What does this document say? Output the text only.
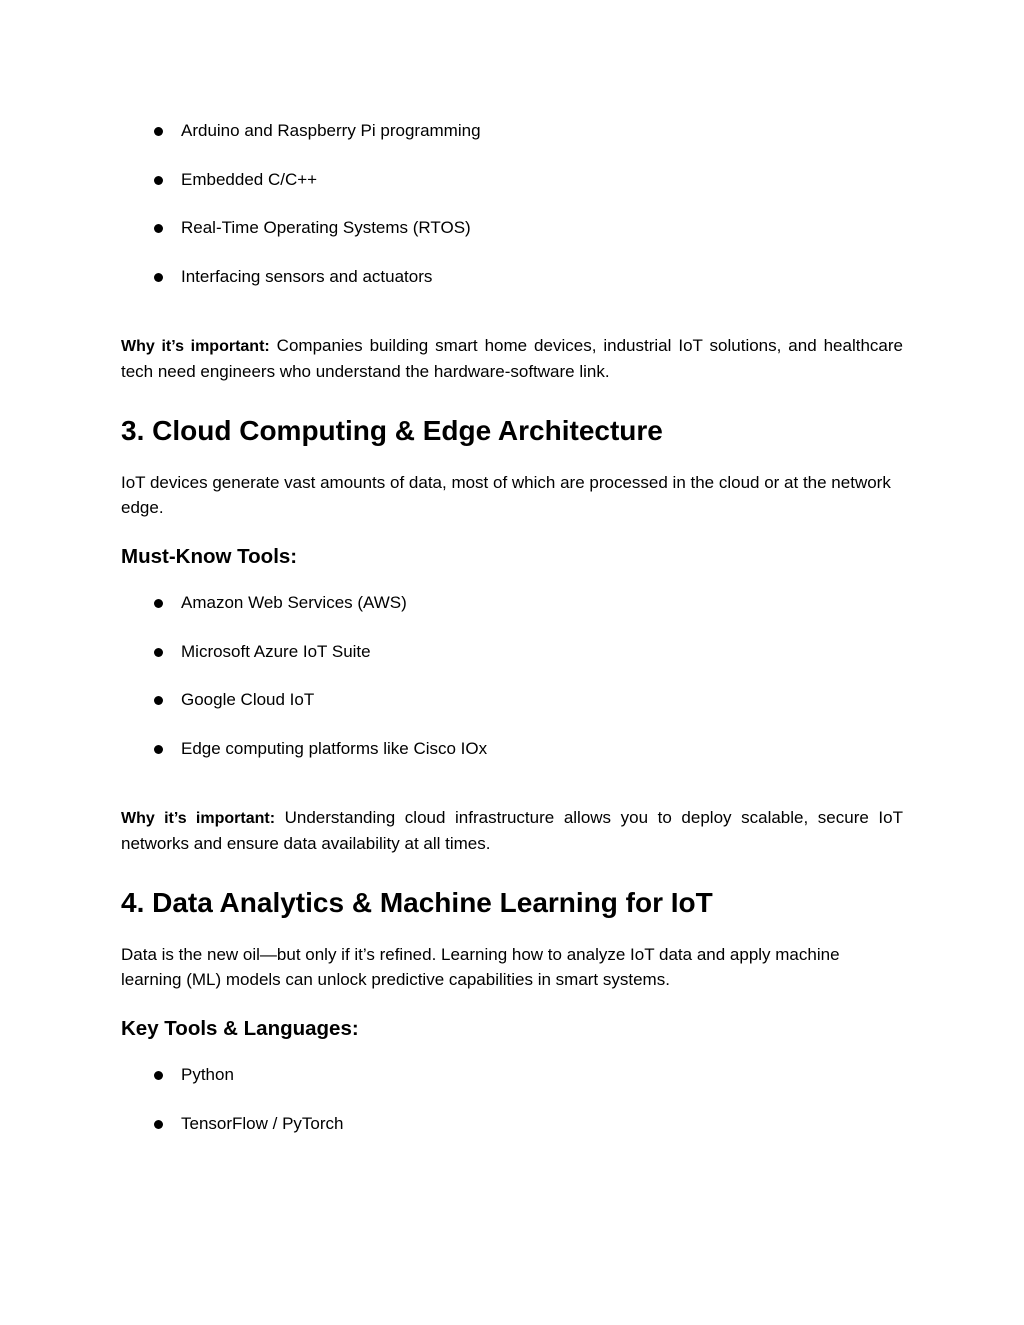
Arduino and Raspberry Pi programming
Embedded C/C++
Real-Time Operating Systems (RTOS)
Interfacing sensors and actuators

Why it’s important: Companies building smart home devices, industrial IoT solutions, and healthcare tech need engineers who understand the hardware-software link.

3. Cloud Computing & Edge Architecture

IoT devices generate vast amounts of data, most of which are processed in the cloud or at the network edge.

Must-Know Tools:
Amazon Web Services (AWS)
Microsoft Azure IoT Suite
Google Cloud IoT
Edge computing platforms like Cisco IOx

Why it’s important: Understanding cloud infrastructure allows you to deploy scalable, secure IoT networks and ensure data availability at all times.

4. Data Analytics & Machine Learning for IoT

Data is the new oil—but only if it’s refined. Learning how to analyze IoT data and apply machine learning (ML) models can unlock predictive capabilities in smart systems.

Key Tools & Languages:
Python
TensorFlow / PyTorch
